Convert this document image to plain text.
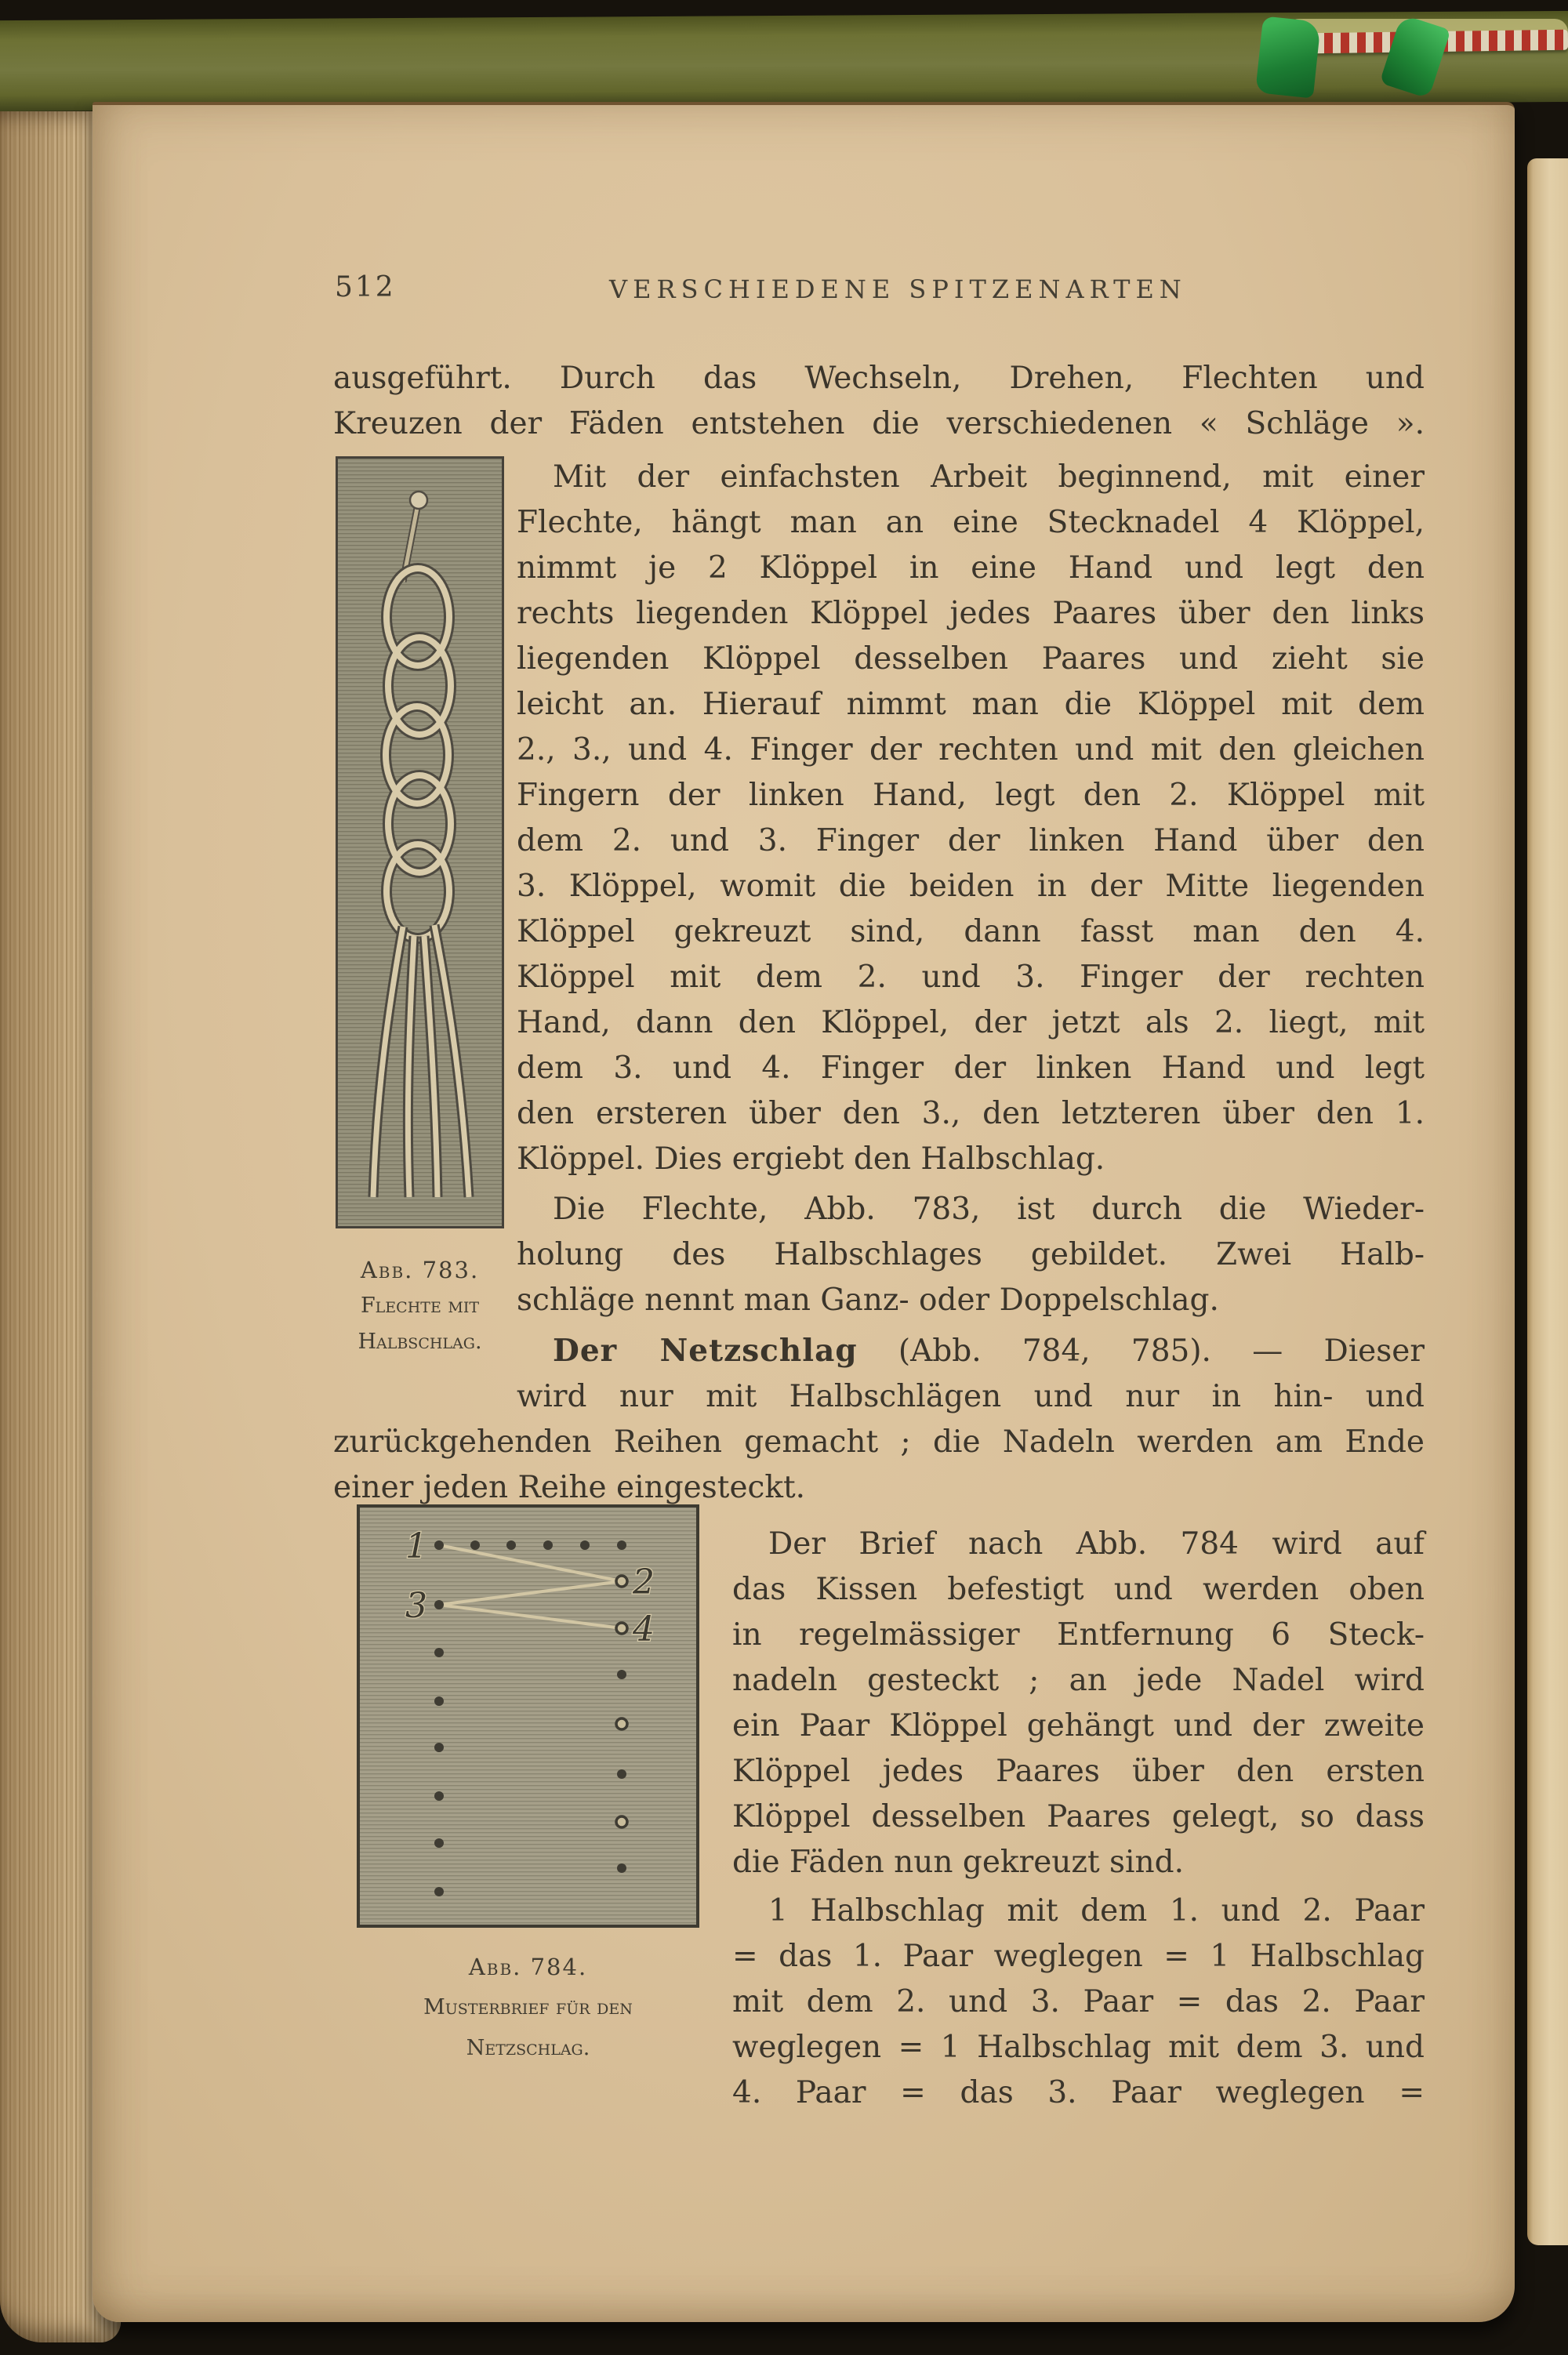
512	VERSCHIEDENE SPITZENARTEN
ausgeführt. Durch das Wechseln, Drehen, Flechten und
Kreuzen der Fäden entstehen die verschiedenen « Schläge ».
Abb. 783.
Flechte mit
Halbschlag.
Mit der einfachsten Arbeit beginnend, mit einer
Flechte, hängt man an eine Stecknadel 4 Klöppel,
nimmt je 2 Klöppel in eine Hand und legt den
rechts liegenden Klöppel jedes Paares über den links
liegenden Klöppel desselben Paares und zieht sie
leicht an. Hierauf nimmt man die Klöppel mit dem
2., 3., und 4. Finger der rechten und mit den gleichen
Fingern der linken Hand, legt den 2. Klöppel mit
dem 2. und 3. Finger der linken Hand über den
3. Klöppel, womit die beiden in der Mitte liegenden
Klöppel gekreuzt sind, dann fasst man den 4.
Klöppel mit dem 2. und 3. Finger der rechten
Hand, dann den Klöppel, der jetzt als 2. liegt, mit
dem 3. und 4. Finger der linken Hand und legt
den ersteren über den 3., den letzteren über den 1.
Klöppel. Dies ergiebt den Halbschlag.
Die Flechte, Abb. 783, ist durch die Wieder-
holung des Halbschlages gebildet. Zwei Halb-
schläge nennt man Ganz- oder Doppelschlag.
Der Netzschlag (Abb. 784, 785). — Dieser
wird nur mit Halbschlägen und nur in hin- und
zurückgehenden Reihen gemacht ; die Nadeln werden am Ende
einer jeden Reihe eingesteckt.
1
2
3
4
Abb. 784.
Musterbrief für den
Netzschlag.
Der Brief nach Abb. 784 wird auf
das Kissen befestigt und werden oben
in regelmässiger Entfernung 6 Steck-
nadeln gesteckt ; an jede Nadel wird
ein Paar Klöppel gehängt und der zweite
Klöppel jedes Paares über den ersten
Klöppel desselben Paares gelegt, so dass
die Fäden nun gekreuzt sind.
1 Halbschlag mit dem 1. und 2. Paar
= das 1. Paar weglegen = 1 Halbschlag
mit dem 2. und 3. Paar = das 2. Paar
weglegen = 1 Halbschlag mit dem 3. und
4. Paar = das 3. Paar weglegen =
